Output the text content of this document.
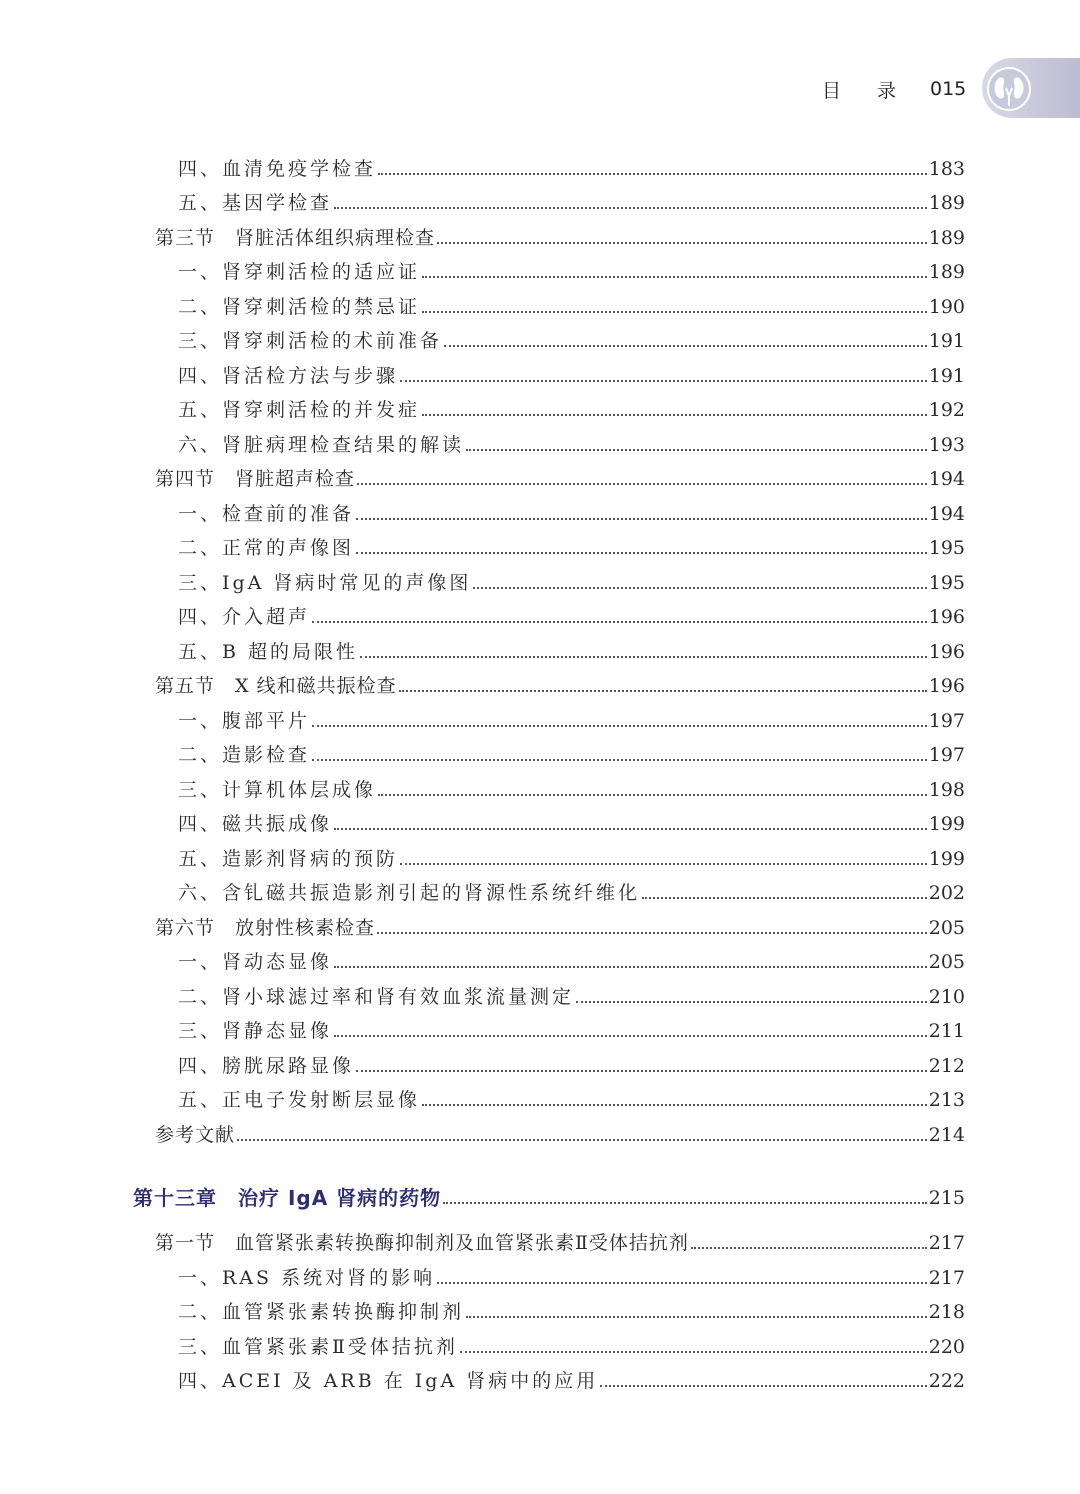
目录
015
四、血清免疫学检查	183
五、基因学检查	189
第三节　肾脏活体组织病理检查	189
一、肾穿刺活检的适应证	189
二、肾穿刺活检的禁忌证	190
三、肾穿刺活检的术前准备	191
四、肾活检方法与步骤	191
五、肾穿刺活检的并发症	192
六、肾脏病理检查结果的解读	193
第四节　肾脏超声检查	194
一、检查前的准备	194
二、正常的声像图	195
三、IgA 肾病时常见的声像图	195
四、介入超声	196
五、B 超的局限性	196
第五节　X 线和磁共振检查	196
一、腹部平片	197
二、造影检查	197
三、计算机体层成像	198
四、磁共振成像	199
五、造影剂肾病的预防	199
六、含钆磁共振造影剂引起的肾源性系统纤维化	202
第六节　放射性核素检查	205
一、肾动态显像	205
二、肾小球滤过率和肾有效血浆流量测定	210
三、肾静态显像	211
四、膀胱尿路显像	212
五、正电子发射断层显像	213
参考文献	214
第十三章　治疗 IgA 肾病的药物	215
第一节　血管紧张素转换酶抑制剂及血管紧张素Ⅱ受体拮抗剂	217
一、RAS 系统对肾的影响	217
二、血管紧张素转换酶抑制剂	218
三、血管紧张素Ⅱ受体拮抗剂	220
四、ACEI 及 ARB 在 IgA 肾病中的应用	222
